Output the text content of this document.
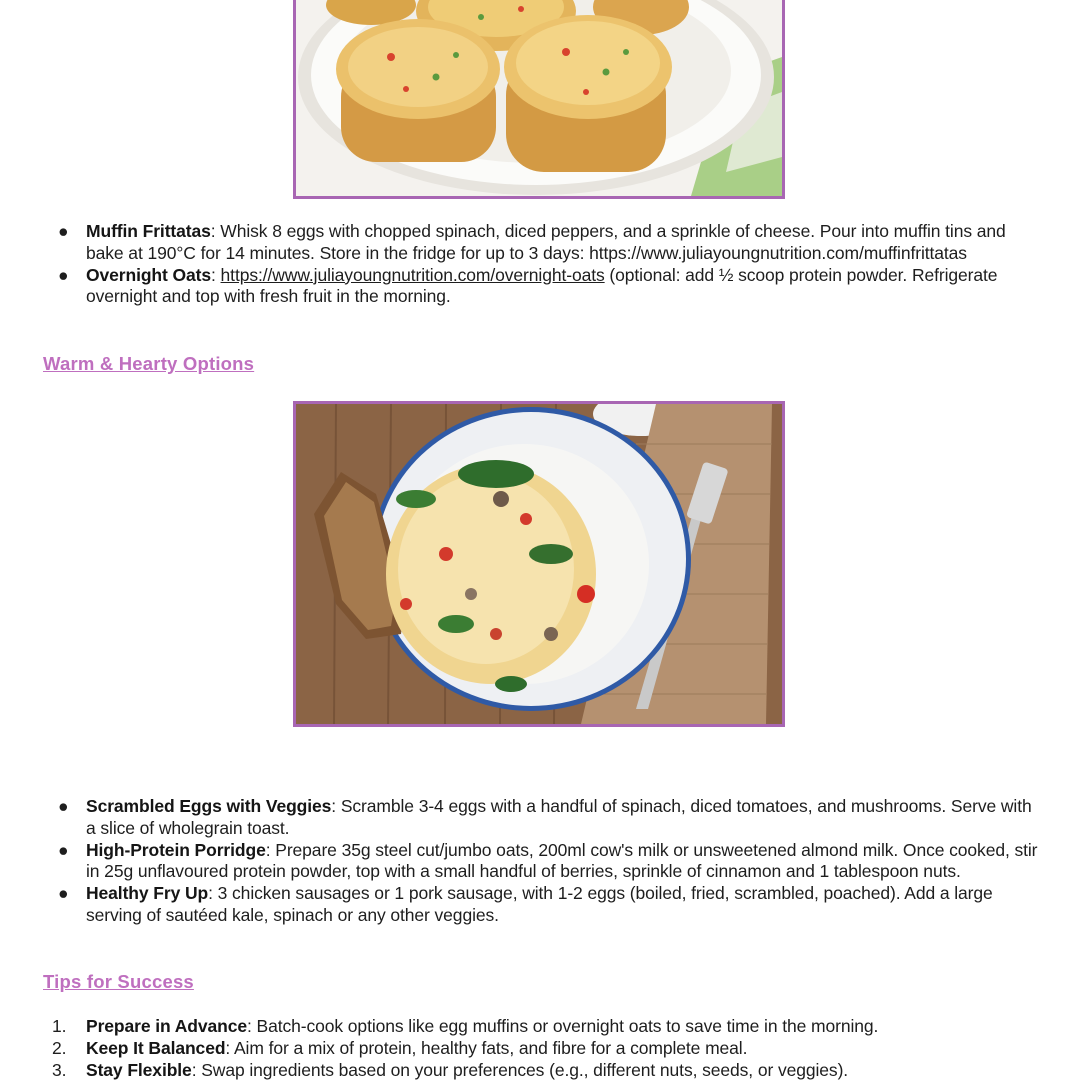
● Muffin Frittatas: Whisk 8 eggs with chopped spinach, diced peppers, and a sprinkle of cheese. Pour into muffin tins and bake at 190°C for 14 minutes. Store in the fridge for up to 3 days: https://www.juliayoungnutrition.com/muffinfrittatas
● Overnight Oats: https://www.juliayoungnutrition.com/overnight-oats (optional: add ½ scoop protein powder. Refrigerate overnight and top with fresh fruit in the morning.
Warm & Hearty Options
● Scrambled Eggs with Veggies: Scramble 3-4 eggs with a handful of spinach, diced tomatoes, and mushrooms. Serve with a slice of wholegrain toast.
● High-Protein Porridge: Prepare 35g steel cut/jumbo oats, 200ml cow's milk or unsweetened almond milk. Once cooked, stir in 25g unflavoured protein powder, top with a small handful of berries, sprinkle of cinnamon and 1 tablespoon nuts.
● Healthy Fry Up: 3 chicken sausages or 1 pork sausage, with 1-2 eggs (boiled, fried, scrambled, poached). Add a large serving of sautéed kale, spinach or any other veggies.
Tips for Success
1. Prepare in Advance: Batch-cook options like egg muffins or overnight oats to save time in the morning.
2. Keep It Balanced: Aim for a mix of protein, healthy fats, and fibre for a complete meal.
3. Stay Flexible: Swap ingredients based on your preferences (e.g., different nuts, seeds, or veggies).
